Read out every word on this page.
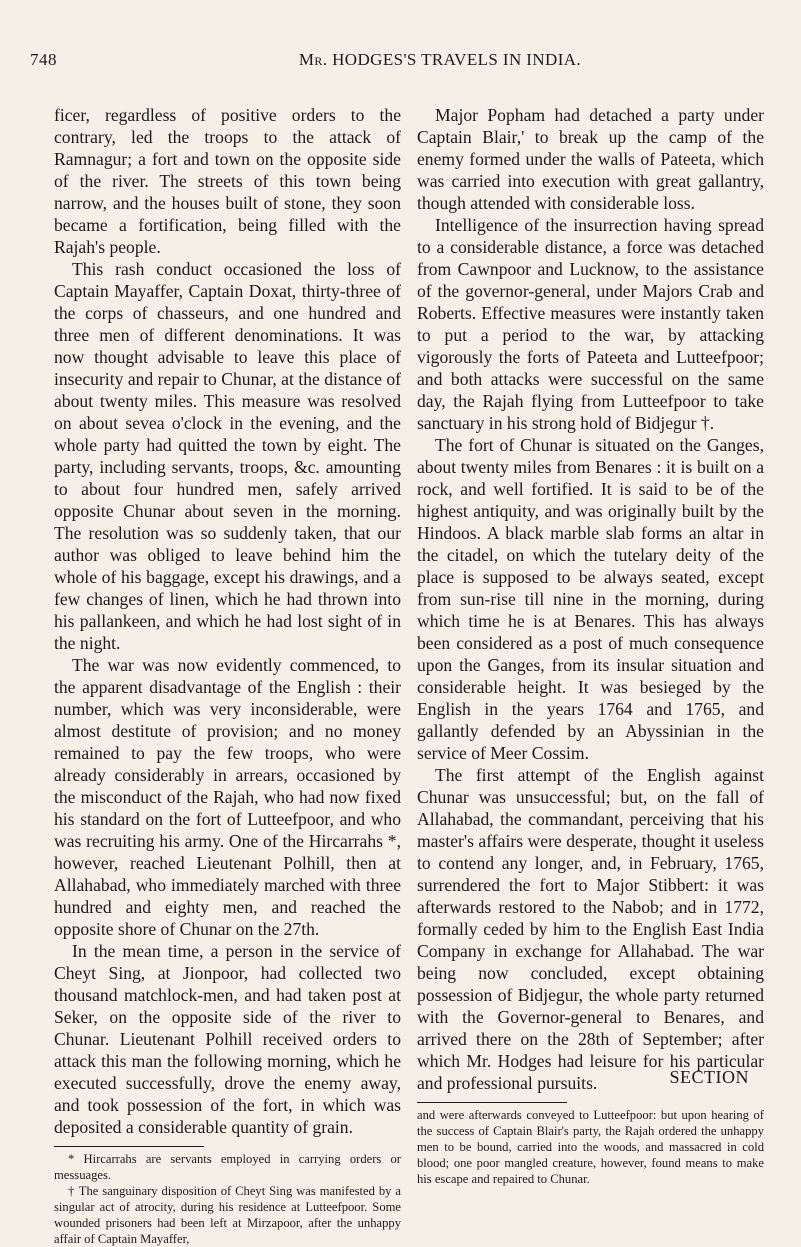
748	Mr. HODGES'S TRAVELS IN INDIA.

ficer, regardless of positive orders to the contrary, led the troops to the attack of Ramnagur; a fort and town on the opposite side of the river. The streets of this town being narrow, and the houses built of stone, they soon became a fortification, being filled with the Rajah's people.

This rash conduct occasioned the loss of Captain Mayaffer, Captain Doxat, thirty-three of the corps of chasseurs, and one hundred and three men of different denominations. It was now thought advisable to leave this place of insecurity and repair to Chunar, at the distance of about twenty miles. This measure was resolved on about sevea o'clock in the evening, and the whole party had quitted the town by eight. The party, including servants, troops, &c. amounting to about four hundred men, safely arrived opposite Chunar about seven in the morning. The resolution was so suddenly taken, that our author was obliged to leave behind him the whole of his baggage, except his drawings, and a few changes of linen, which he had thrown into his pallankeen, and which he had lost sight of in the night.

The war was now evidently commenced, to the apparent disadvantage of the English : their number, which was very inconsiderable, were almost destitute of provision; and no money remained to pay the few troops, who were already considerably in arrears, occasioned by the misconduct of the Rajah, who had now fixed his standard on the fort of Lutteefpoor, and who was recruiting his army. One of the Hircarrahs *, however, reached Lieutenant Polhill, then at Allahabad, who immediately marched with three hundred and eighty men, and reached the opposite shore of Chunar on the 27th.

In the mean time, a person in the service of Cheyt Sing, at Jionpoor, had collected two thousand matchlock-men, and had taken post at Seker, on the opposite side of the river to Chunar. Lieutenant Polhill received orders to attack this man the following morning, which he executed successfully, drove the enemy away, and took possession of the fort, in which was deposited a considerable quantity of grain.

* Hircarrahs are servants employed in carrying orders or messuages.

† The sanguinary disposition of Cheyt Sing was manifested by a singular act of atrocity, during his residence at Lutteefpoor. Some wounded prisoners had been left at Mirzapoor, after the unhappy affair of Captain Mayaffer,

Major Popham had detached a party under Captain Blair,' to break up the camp of the enemy formed under the walls of Pateeta, which was carried into execution with great gallantry, though attended with considerable loss.

Intelligence of the insurrection having spread to a considerable distance, a force was detached from Cawnpoor and Lucknow, to the assistance of the governor-general, under Majors Crab and Roberts. Effective measures were instantly taken to put a period to the war, by attacking vigorously the forts of Pateeta and Lutteefpoor; and both attacks were successful on the same day, the Rajah flying from Lutteefpoor to take sanctuary in his strong hold of Bidjegur †.

The fort of Chunar is situated on the Ganges, about twenty miles from Benares : it is built on a rock, and well fortified. It is said to be of the highest antiquity, and was originally built by the Hindoos. A black marble slab forms an altar in the citadel, on which the tutelary deity of the place is supposed to be always seated, except from sun-rise till nine in the morning, during which time he is at Benares. This has always been considered as a post of much consequence upon the Ganges, from its insular situation and considerable height. It was besieged by the English in the years 1764 and 1765, and gallantly defended by an Abyssinian in the service of Meer Cossim.

The first attempt of the English against Chunar was unsuccessful; but, on the fall of Allahabad, the commandant, perceiving that his master's affairs were desperate, thought it useless to contend any longer, and, in February, 1765, surrendered the fort to Major Stibbert: it was afterwards restored to the Nabob; and in 1772, formally ceded by him to the English East India Company in exchange for Allahabad. The war being now concluded, except obtaining possession of Bidjegur, the whole party returned with the Governor-general to Benares, and arrived there on the 28th of September; after which Mr. Hodges had leisure for his particular and professional pursuits.

and were afterwards conveyed to Lutteefpoor: but upon hearing of the success of Captain Blair's party, the Rajah ordered the unhappy men to be bound, carried into the woods, and massacred in cold blood; one poor mangled creature, however, found means to make his escape and repaired to Chunar.

SECTION
